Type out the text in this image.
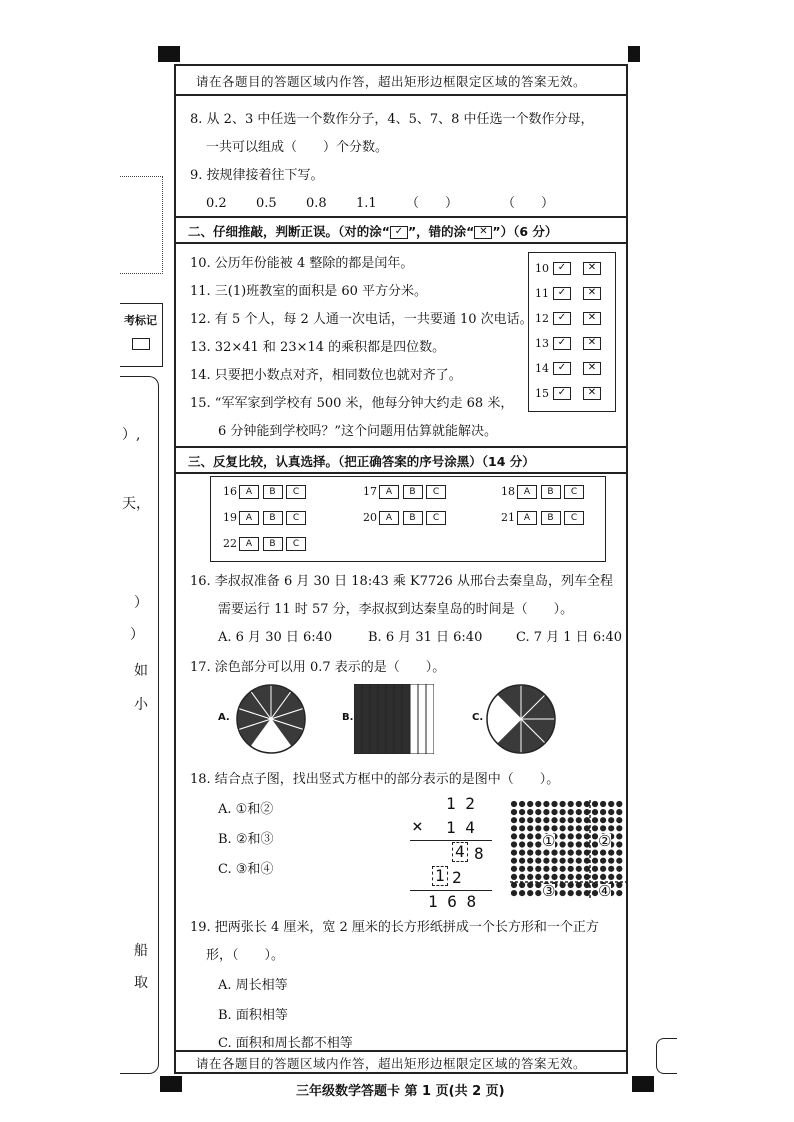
考标记
）,
天，
）
）
如
小
船
取
请在各题目的答题区域内作答，超出矩形边框限定区域的答案无效。
8. 从 2、3 中任选一个数作分子，4、5、7、8 中任选一个数作分母，
一共可以组成（　　）个分数。
9. 按规律接着往下写。
0.2 0.5 0.8 1.1 （　　）	（　　）
二、仔细推敲，判断正误。（对的涂“ ✓ ”，错的涂“ ✕ ”）（6 分）
10. 公历年份能被 4 整除的都是闰年。
11. 三(1)班教室的面积是 60 平方分米。
12. 有 5 个人，每 2 人通一次电话，一共要通 10 次电话。
13. 32×41 和 23×14 的乘积都是四位数。
14. 只要把小数点对齐，相同数位也就对齐了。
15. “军军家到学校有 500 米，他每分钟大约走 68 米，
6 分钟能到学校吗？”这个问题用估算就能解决。
10 ✓ ✕
11 ✓ ✕
12 ✓ ✕
13 ✓ ✕
14 ✓ ✕
15 ✓ ✕
三、反复比较，认真选择。（把正确答案的序号涂黑）（14 分）
16 A B C	17 A B C	18 A B C
19 A B C	20 A B C	21 A B C
22 A B C
16. 李叔叔准备 6 月 30 日 18:43 乘 K7726 从邢台去秦皇岛，列车全程
需要运行 11 时 57 分，李叔叔到达秦皇岛的时间是（　　）。
A. 6 月 30 日 6:40	B. 6 月 31 日 6:40	C. 7 月 1 日 6:40
17. 涂色部分可以用 0.7 表示的是（　　）。
A.	B.	C.
18. 结合点子图，找出竖式方框中的部分表示的是图中（　　）。
A. ①和②
B. ②和③
C. ③和④
1 2
× 1 4
4 8
1 2
1 6 8
①	②
③	④
19. 把两张长 4 厘米，宽 2 厘米的长方形纸拼成一个长方形和一个正方
形，（　　）。
A. 周长相等
B. 面积相等
C. 面积和周长都不相等
请在各题目的答题区域内作答，超出矩形边框限定区域的答案无效。
三年级数学答题卡 第 1 页(共 2 页)
